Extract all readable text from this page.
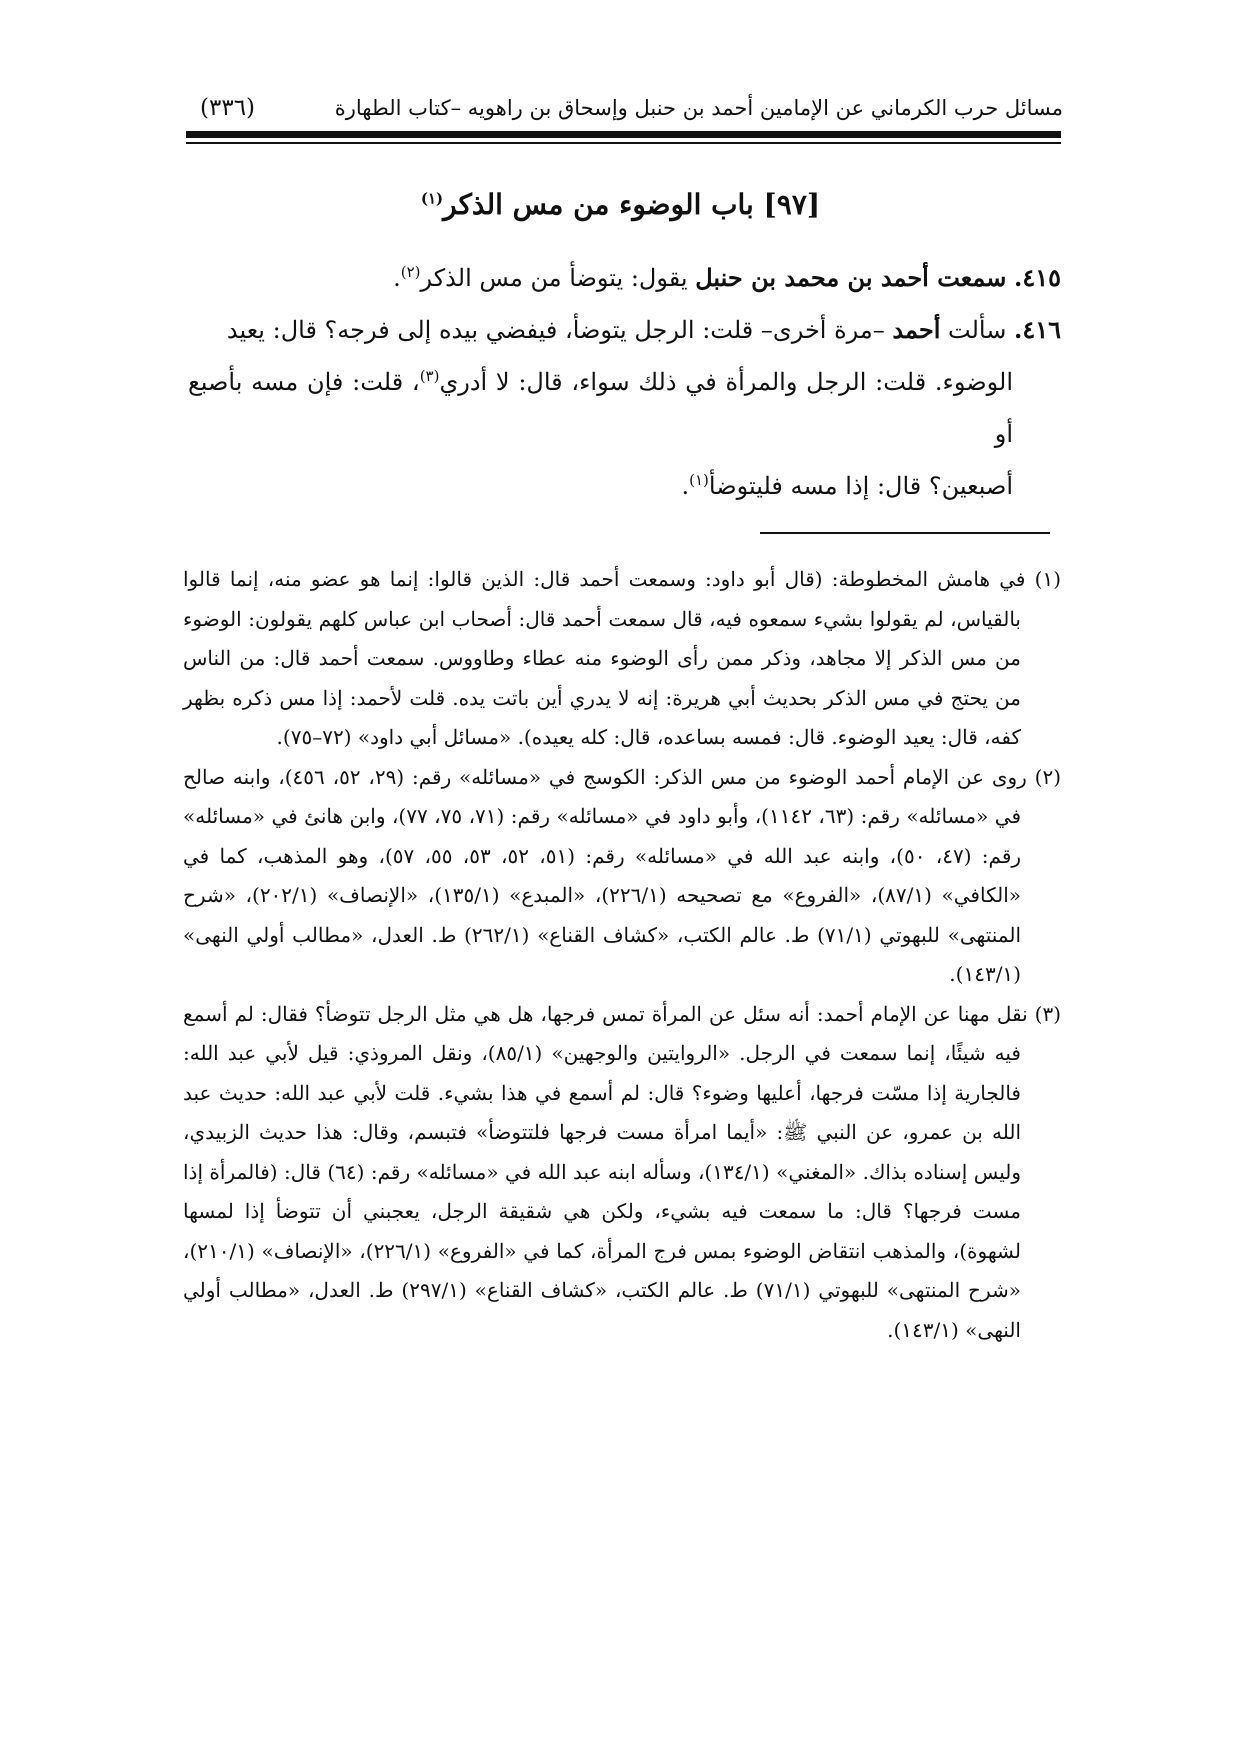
مسائل حرب الكرماني عن الإمامين أحمد بن حنبل وإسحاق بن راهويه –كتاب الطهارة
(٣٣٦)
[٩٧] باب الوضوء من مس الذكر$^{(١)}$

٤١٥. سمعت أحمد بن محمد بن حنبل يقول: يتوضأ من مس الذكر$^{(٢)}$.

٤١٦. سألت أحمد –مرة أخرى– قلت: الرجل يتوضأ، فيفضي بيده إلى فرجه؟ قال: يعيد

الوضوء. قلت: الرجل والمرأة في ذلك سواء، قال: لا أدري$^{(٣)}$، قلت: فإن مسه بأصبع أو

أصبعين؟ قال: إذا مسه فليتوضأ$^{(١)}$.

(١) في هامش المخطوطة: (قال أبو داود: وسمعت أحمد قال: الذين قالوا: إنما هو عضو منه، إنما قالوا بالقياس، لم يقولوا بشيء سمعوه فيه، قال سمعت أحمد قال: أصحاب ابن عباس كلهم يقولون: الوضوء من مس الذكر إلا مجاهد، وذكر ممن رأى الوضوء منه عطاء وطاووس. سمعت أحمد قال: من الناس من يحتج في مس الذكر بحديث أبي هريرة: إنه لا يدري أين باتت يده. قلت لأحمد: إذا مس ذكره بظهر كفه، قال: يعيد الوضوء. قال: فمسه بساعده، قال: كله يعيده). «مسائل أبي داود» (٧٢–٧٥).

(٢) روى عن الإمام أحمد الوضوء من مس الذكر: الكوسج في «مسائله» رقم: (٢٩، ٥٢، ٤٥٦)، وابنه صالح في «مسائله» رقم: (٦٣، ١١٤٢)، وأبو داود في «مسائله» رقم: (٧١، ٧٥، ٧٧)، وابن هانئ في «مسائله» رقم: (٤٧، ٥٠)، وابنه عبد الله في «مسائله» رقم: (٥١، ٥٢، ٥٣، ٥٥، ٥٧)، وهو المذهب، كما في «الكافي» (٨٧/١)، «الفروع» مع تصحيحه (٢٢٦/١)، «المبدع» (١٣٥/١)، «الإنصاف» (٢٠٢/١)، «شرح المنتهى» للبهوتي (٧١/١) ط. عالم الكتب، «كشاف القناع» (٢٦٢/١) ط. العدل، «مطالب أولي النهى» (١٤٣/١).

(٣) نقل مهنا عن الإمام أحمد: أنه سئل عن المرأة تمس فرجها، هل هي مثل الرجل تتوضأ؟ فقال: لم أسمع فيه شيئًا، إنما سمعت في الرجل. «الروايتين والوجهين» (٨٥/١)، ونقل المروذي: قيل لأبي عبد الله: فالجارية إذا مسّت فرجها، أعليها وضوء؟ قال: لم أسمع في هذا بشيء. قلت لأبي عبد الله: حديث عبد الله بن عمرو، عن النبي ﷺ: «أيما امرأة مست فرجها فلتتوضأ» فتبسم، وقال: هذا حديث الزبيدي، وليس إسناده بذاك. «المغني» (١٣٤/١)، وسأله ابنه عبد الله في «مسائله» رقم: (٦٤) قال: (فالمرأة إذا مست فرجها؟ قال: ما سمعت فيه بشيء، ولكن هي شقيقة الرجل، يعجبني أن تتوضأ إذا لمسها لشهوة)، والمذهب انتقاض الوضوء بمس فرج المرأة، كما في «الفروع» (٢٢٦/١)، «الإنصاف» (٢١٠/١)، «شرح المنتهى» للبهوتي (٧١/١) ط. عالم الكتب، «كشاف القناع» (٢٩٧/١) ط. العدل، «مطالب أولي النهى» (١٤٣/١).
